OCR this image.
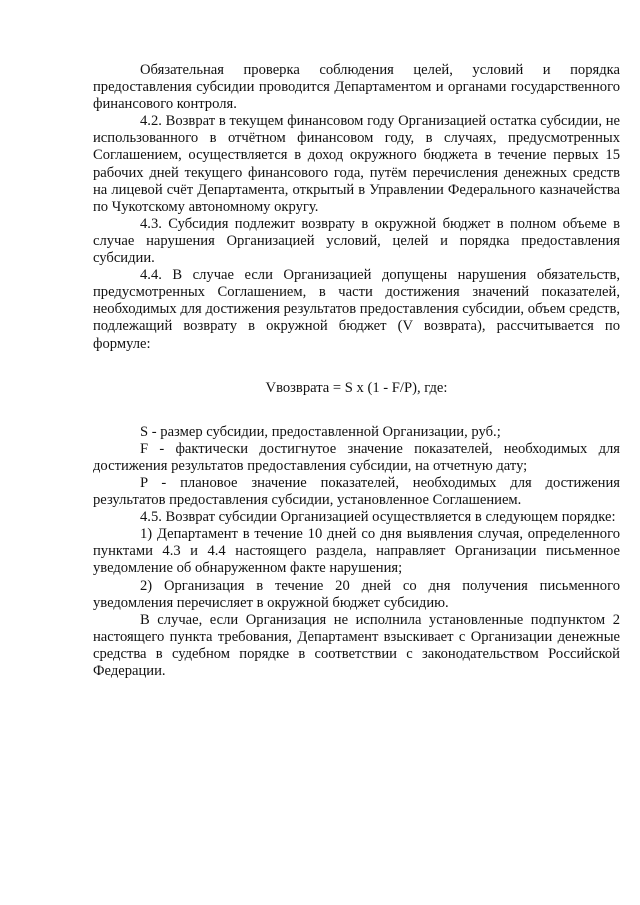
Обязательная проверка соблюдения целей, условий и порядка предоставления субсидии проводится Департаментом и органами государственного финансового контроля.

4.2. Возврат в текущем финансовом году Организацией остатка субсидии, не использованного в отчётном финансовом году, в случаях, предусмотренных Соглашением, осуществляется в доход окружного бюджета в течение первых 15 рабочих дней текущего финансового года, путём перечисления денежных средств на лицевой счёт Департамента, открытый в Управлении Федерального казначейства по Чукотскому автономному округу.

4.3. Субсидия подлежит возврату в окружной бюджет в полном объеме в случае нарушения Организацией условий, целей и порядка предоставления субсидии.

4.4. В случае если Организацией допущены нарушения обязательств, предусмотренных Соглашением, в части достижения значений показателей, необходимых для достижения результатов предоставления субсидии, объем средств, подлежащий возврату в окружной бюджет (V возврата), рассчитывается по формуле:

Vвозврата = S x (1 - F/P), где:

S - размер субсидии, предоставленной Организации, руб.;

F - фактически достигнутое значение показателей, необходимых для достижения результатов предоставления субсидии, на отчетную дату;

P - плановое значение показателей, необходимых для достижения результатов предоставления субсидии, установленное Соглашением.

4.5. Возврат субсидии Организацией осуществляется в следующем порядке:

1) Департамент в течение 10 дней со дня выявления случая, определенного пунктами 4.3 и 4.4 настоящего раздела, направляет Организации письменное уведомление об обнаруженном факте нарушения;

2) Организация в течение 20 дней со дня получения письменного уведомления перечисляет в окружной бюджет субсидию.

В случае, если Организация не исполнила установленные подпунктом 2 настоящего пункта требования, Департамент взыскивает с Организации денежные средства в судебном порядке в соответствии с законодательством Российской Федерации.
